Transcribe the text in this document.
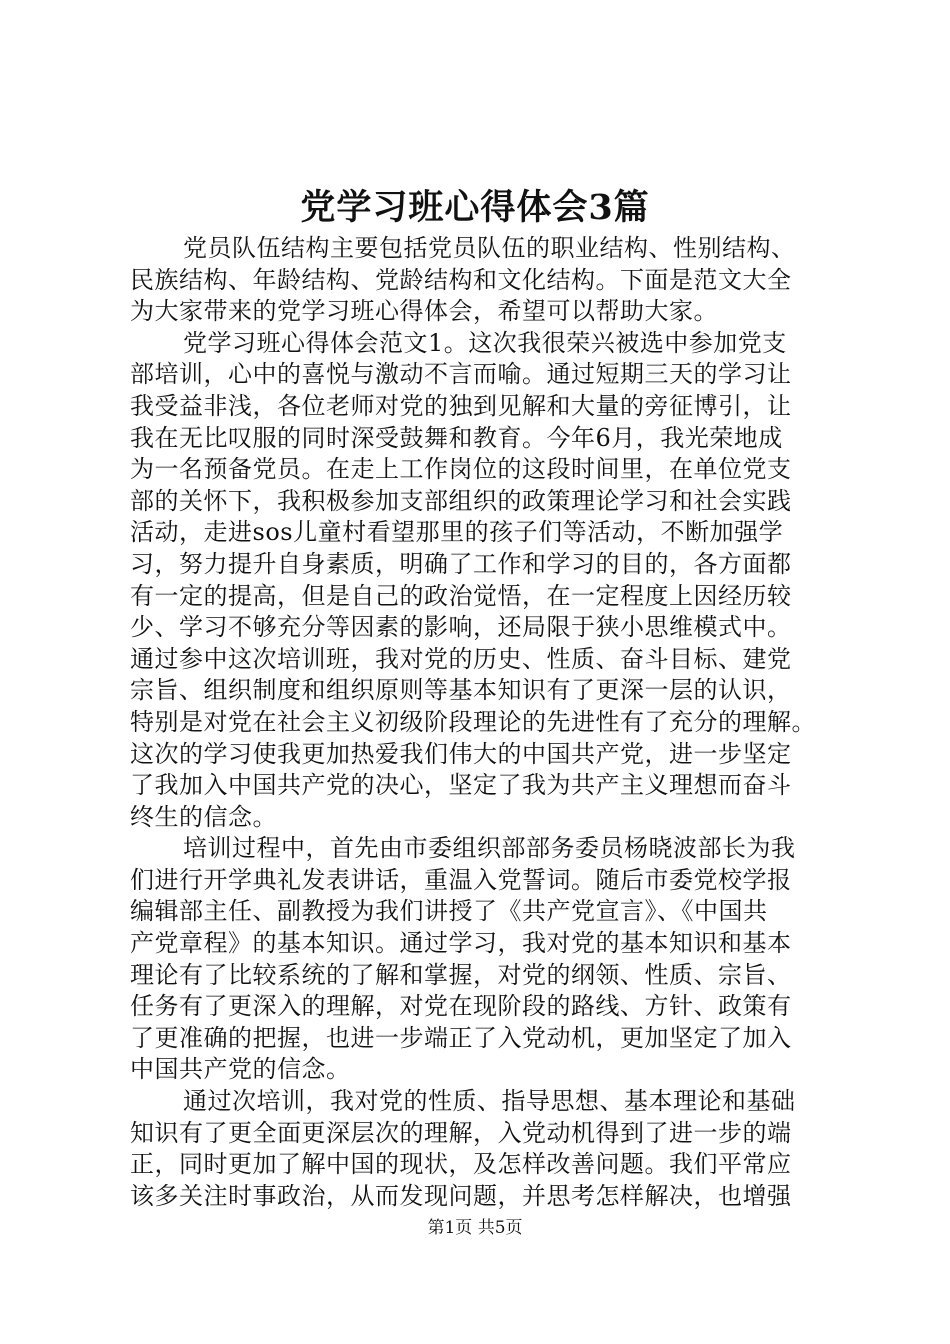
党学习班心得体会3篇
党员队伍结构主要包括党员队伍的职业结构、性别结构、
民族结构、年龄结构、党龄结构和文化结构。下面是范文大全
为大家带来的党学习班心得体会，希望可以帮助大家。
党学习班心得体会范文1。这次我很荣兴被选中参加党支
部培训，心中的喜悦与激动不言而喻。通过短期三天的学习让
我受益非浅，各位老师对党的独到见解和大量的旁征博引，让
我在无比叹服的同时深受鼓舞和教育。今年6月，我光荣地成
为一名预备党员。在走上工作岗位的这段时间里，在单位党支
部的关怀下，我积极参加支部组织的政策理论学习和社会实践
活动，走进sos儿童村看望那里的孩子们等活动，不断加强学
习，努力提升自身素质，明确了工作和学习的目的，各方面都
有一定的提高，但是自己的政治觉悟，在一定程度上因经历较
少、学习不够充分等因素的影响，还局限于狭小思维模式中。
通过参中这次培训班，我对党的历史、性质、奋斗目标、建党
宗旨、组织制度和组织原则等基本知识有了更深一层的认识，
特别是对党在社会主义初级阶段理论的先进性有了充分的理解。
这次的学习使我更加热爱我们伟大的中国共产党，进一步坚定
了我加入中国共产党的决心，坚定了我为共产主义理想而奋斗
终生的信念。
培训过程中，首先由市委组织部部务委员杨晓波部长为我
们进行开学典礼发表讲话，重温入党誓词。随后市委党校学报
编辑部主任、副教授为我们讲授了《共产党宣言》、《中国共
产党章程》的基本知识。通过学习，我对党的基本知识和基本
理论有了比较系统的了解和掌握，对党的纲领、性质、宗旨、
任务有了更深入的理解，对党在现阶段的路线、方针、政策有
了更准确的把握，也进一步端正了入党动机，更加坚定了加入
中国共产党的信念。
通过次培训，我对党的性质、指导思想、基本理论和基础
知识有了更全面更深层次的理解，入党动机得到了进一步的端
正，同时更加了解中国的现状，及怎样改善问题。我们平常应
该多关注时事政治，从而发现问题，并思考怎样解决，也增强
第1页 共5页
